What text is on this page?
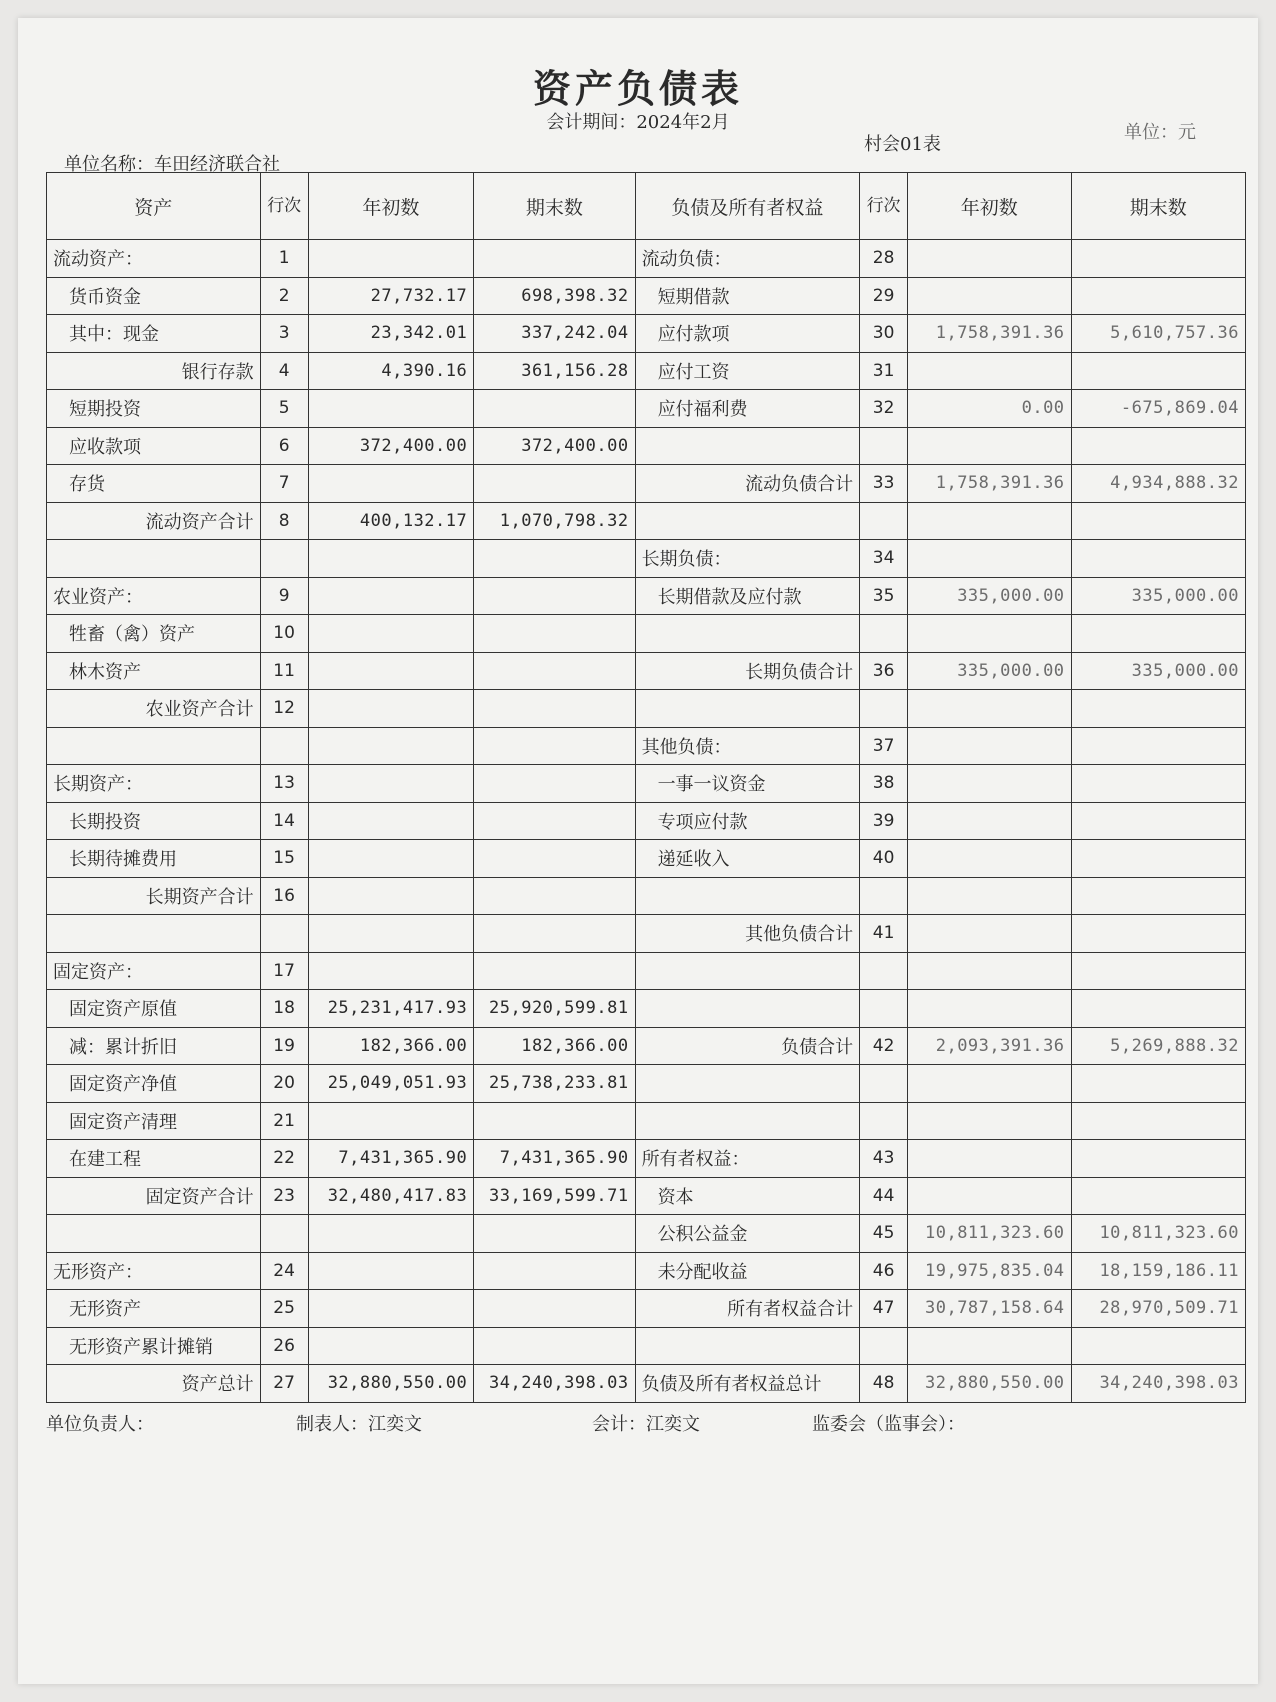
资产负债表
会计期间：2024年2月
村会01表
单位：元
单位名称：车田经济联合社
资产	行次	年初数	期末数	负债及所有者权益	行次	年初数	期末数
流动资产：	1			流动负债：	28		
货币资金	2	27,732.17	698,398.32	短期借款	29		
其中：现金	3	23,342.01	337,242.04	应付款项	30	1,758,391.36	5,610,757.36
银行存款	4	4,390.16	361,156.28	应付工资	31		
短期投资	5			应付福利费	32	0.00	-675,869.04
应收款项	6	372,400.00	372,400.00				
存货	7			流动负债合计	33	1,758,391.36	4,934,888.32
流动资产合计	8	400,132.17	1,070,798.32				
				长期负债：	34		
农业资产：	9			长期借款及应付款	35	335,000.00	335,000.00
牲畜（禽）资产	10						
林木资产	11			长期负债合计	36	335,000.00	335,000.00
农业资产合计	12						
				其他负债：	37		
长期资产：	13			一事一议资金	38		
长期投资	14			专项应付款	39		
长期待摊费用	15			递延收入	40		
长期资产合计	16						
				其他负债合计	41		
固定资产：	17						
固定资产原值	18	25,231,417.93	25,920,599.81				
减：累计折旧	19	182,366.00	182,366.00	负债合计	42	2,093,391.36	5,269,888.32
固定资产净值	20	25,049,051.93	25,738,233.81				
固定资产清理	21						
在建工程	22	7,431,365.90	7,431,365.90	所有者权益：	43		
固定资产合计	23	32,480,417.83	33,169,599.71	资本	44		
				公积公益金	45	10,811,323.60	10,811,323.60
无形资产：	24			未分配收益	46	19,975,835.04	18,159,186.11
无形资产	25			所有者权益合计	47	30,787,158.64	28,970,509.71
无形资产累计摊销	26						
资产总计	27	32,880,550.00	34,240,398.03	负债及所有者权益总计	48	32,880,550.00	34,240,398.03
单位负责人：	制表人：江奕文	会计：江奕文	监委会（监事会）：
